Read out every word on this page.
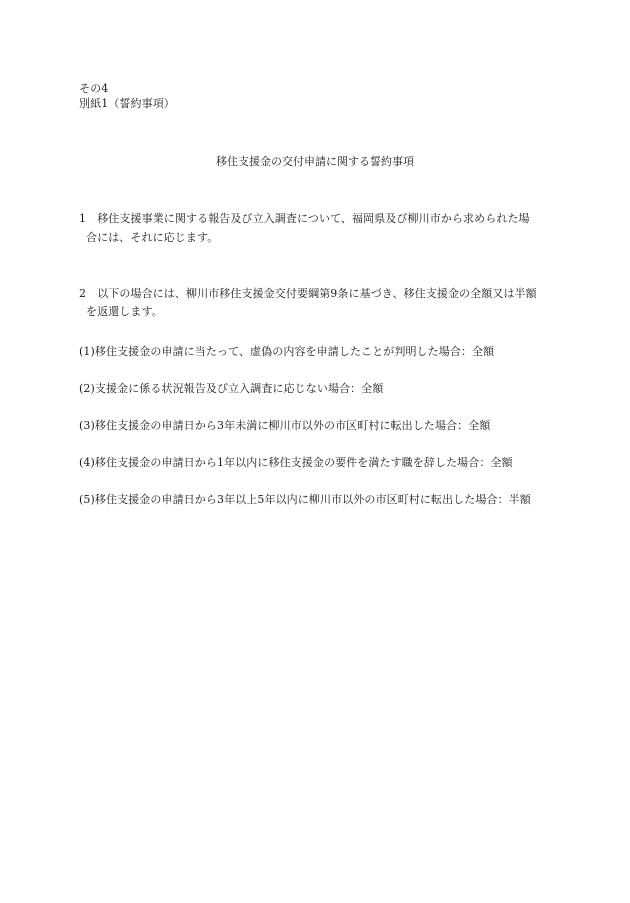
その4
別紙1（誓約事項）
移住支援金の交付申請に関する誓約事項
1　移住支援事業に関する報告及び立入調査について、福岡県及び柳川市から求められた場
合には、それに応じます。
2　以下の場合には、柳川市移住支援金交付要綱第9条に基づき、移住支援金の全額又は半額
を返還します。
(1)移住支援金の申請に当たって、虚偽の内容を申請したことが判明した場合：全額
(2)支援金に係る状況報告及び立入調査に応じない場合：全額
(3)移住支援金の申請日から3年未満に柳川市以外の市区町村に転出した場合：全額
(4)移住支援金の申請日から1年以内に移住支援金の要件を満たす職を辞した場合：全額
(5)移住支援金の申請日から3年以上5年以内に柳川市以外の市区町村に転出した場合：半額
